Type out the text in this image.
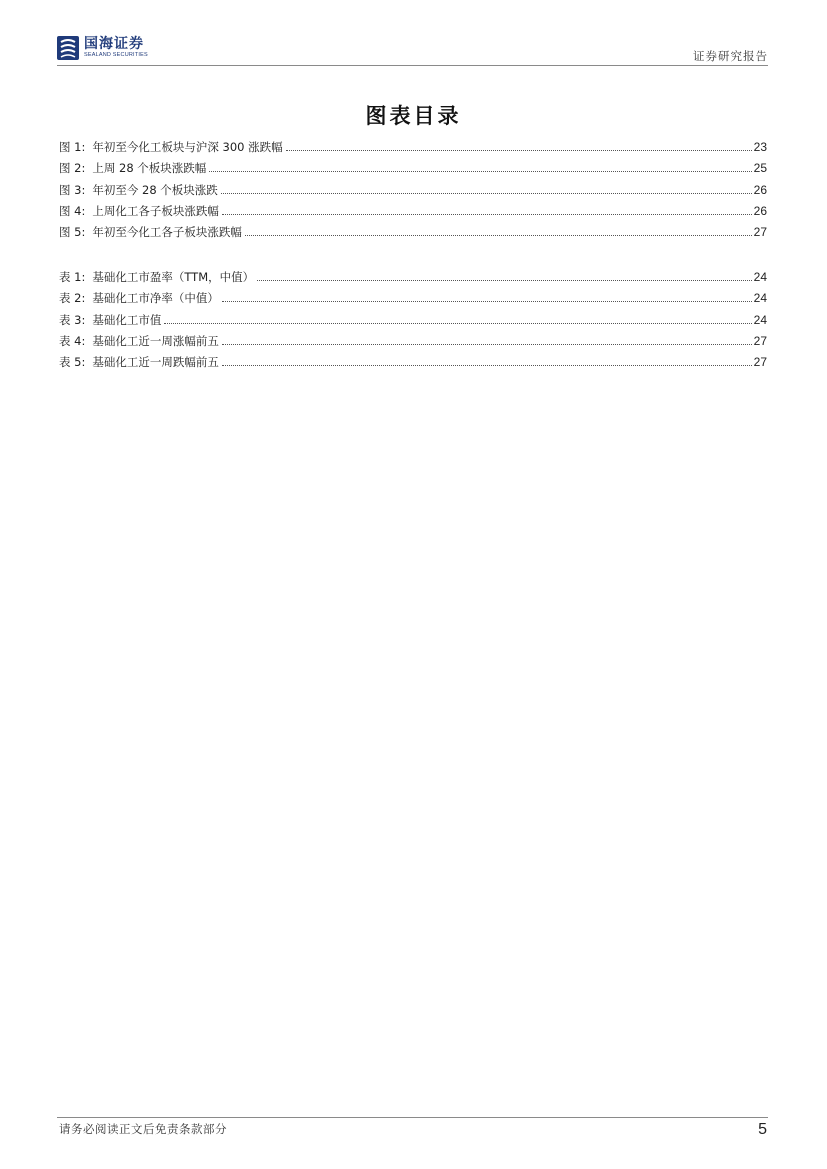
国海证券
SEALAND SECURITIES	证券研究报告
图表目录
图 1: 年初至今化工板块与沪深 300 涨跌幅	23
图 2: 上周 28 个板块涨跌幅	25
图 3: 年初至今 28 个板块涨跌	26
图 4: 上周化工各子板块涨跌幅	26
图 5: 年初至今化工各子板块涨跌幅	27
表 1: 基础化工市盈率（TTM，中值）	24
表 2: 基础化工市净率（中值）	24
表 3: 基础化工市值	24
表 4: 基础化工近一周涨幅前五	27
表 5: 基础化工近一周跌幅前五	27
请务必阅读正文后免责条款部分	5
